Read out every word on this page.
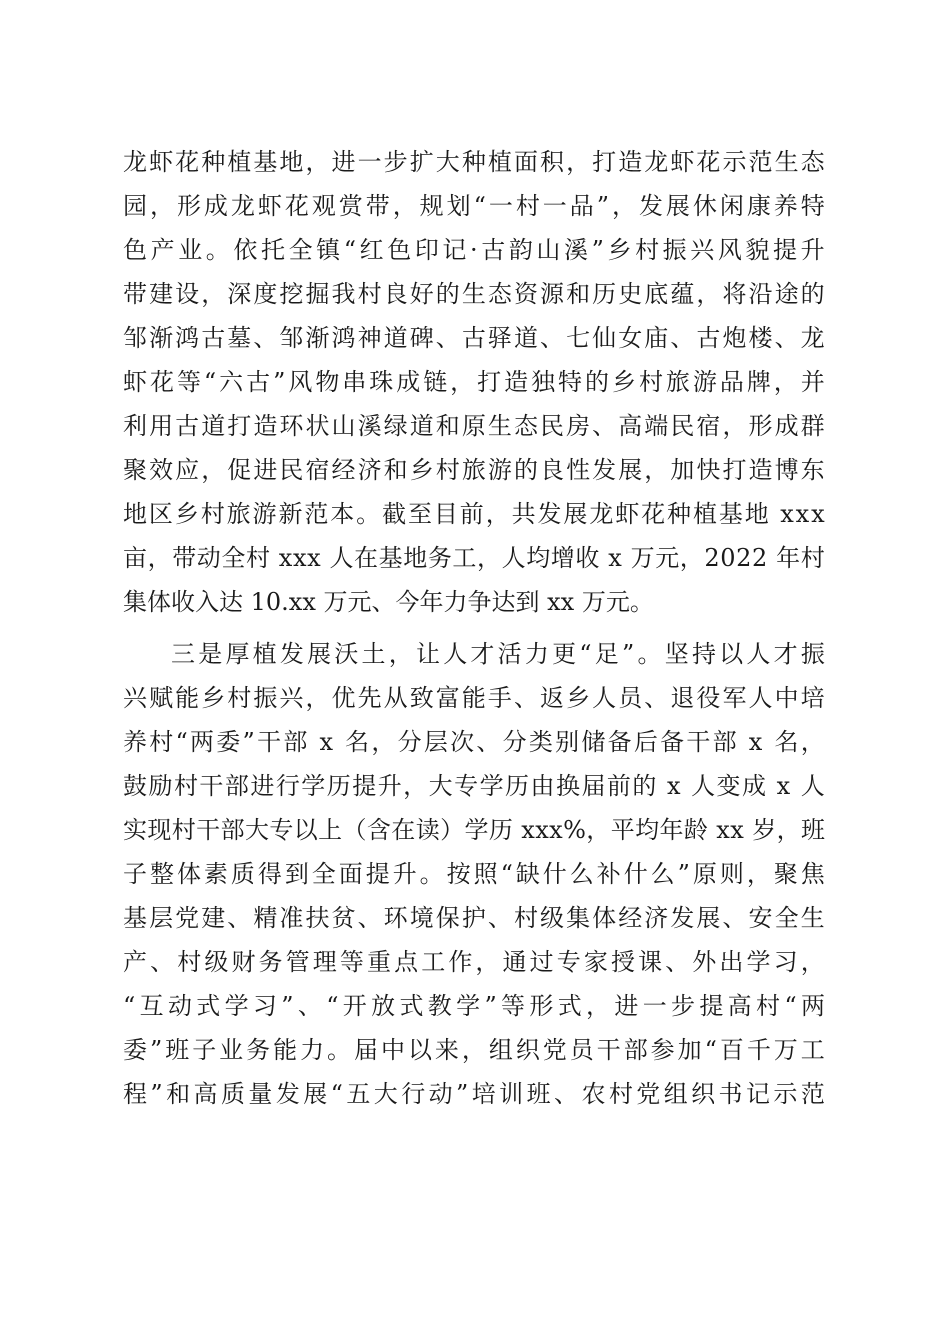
龙 虾 花 种 植 基 地 ， 进 一 步 扩 大 种 植 面 积 ， 打 造 龙 虾 花 示 范 生 态
园 ， 形 成 龙 虾 花 观 赏 带 ， 规 划 “ 一 村 一 品 ” ， 发 展 休 闲 康 养 特
色 产 业 。 依 托 全 镇 “ 红 色 印 记 · 古 韵 山 溪 ” 乡 村 振 兴 风 貌 提 升
带 建 设 ， 深 度 挖 掘 我 村 良 好 的 生 态 资 源 和 历 史 底 蕴 ， 将 沿 途 的
邹 渐 鸿 古 墓 、 邹 渐 鸿 神 道 碑 、 古 驿 道 、 七 仙 女 庙 、 古 炮 楼 、 龙
虾 花 等 “ 六 古 ” 风 物 串 珠 成 链 ， 打 造 独 特 的 乡 村 旅 游 品 牌 ， 并
利 用 古 道 打 造 环 状 山 溪 绿 道 和 原 生 态 民 房 、 高 端 民 宿 ， 形 成 群
聚 效 应 ， 促 进 民 宿 经 济 和 乡 村 旅 游 的 良 性 发 展 ， 加 快 打 造 博 东
地 区 乡 村 旅 游 新 范 本 。 截 至 目 前 ， 共 发 展 龙 虾 花 种 植 基 地
x x x
亩 ， 带 动 全 村
x x x
人 在 基 地 务 工 ， 人 均 增 收
x
万 元 ， 2 0 2 2
年 村
集体收入达 10.xx 万元、今年力争达到 xx 万元。
三 是 厚 植 发 展 沃 土 ， 让 人 才 活 力 更 “ 足 ” 。 坚 持 以 人 才 振
兴 赋 能 乡 村 振 兴 ， 优 先 从 致 富 能 手 、 返 乡 人 员 、 退 役 军 人 中 培
养 村 “ 两 委 ” 干 部
x
名 ， 分 层 次 、 分 类 别 储 备 后 备 干 部
x
名 ，
鼓 励 村 干 部 进 行 学 历 提 升 ， 大 专 学 历 由 换 届 前 的
x
人 变 成
x
人
实 现 村 干 部 大 专 以 上 （ 含 在 读 ） 学 历
x x x % ， 平 均 年 龄
x x
岁 ， 班
子 整 体 素 质 得 到 全 面 提 升 。 按 照 “ 缺 什 么 补 什 么 ” 原 则 ， 聚 焦
基 层 党 建 、 精 准 扶 贫 、 环 境 保 护 、 村 级 集 体 经 济 发 展 、 安 全 生
产 、 村 级 财 务 管 理 等 重 点 工 作 ， 通 过 专 家 授 课 、 外 出 学 习 ，
“ 互 动 式 学 习 ” 、 “ 开 放 式 教 学 ” 等 形 式 ， 进 一 步 提 高 村 “ 两
委 ” 班 子 业 务 能 力 。 届 中 以 来 ， 组 织 党 员 干 部 参 加 “ 百 千 万 工
程 ” 和 高 质 量 发 展 “ 五 大 行 动 ” 培 训 班 、 农 村 党 组 织 书 记 示 范
